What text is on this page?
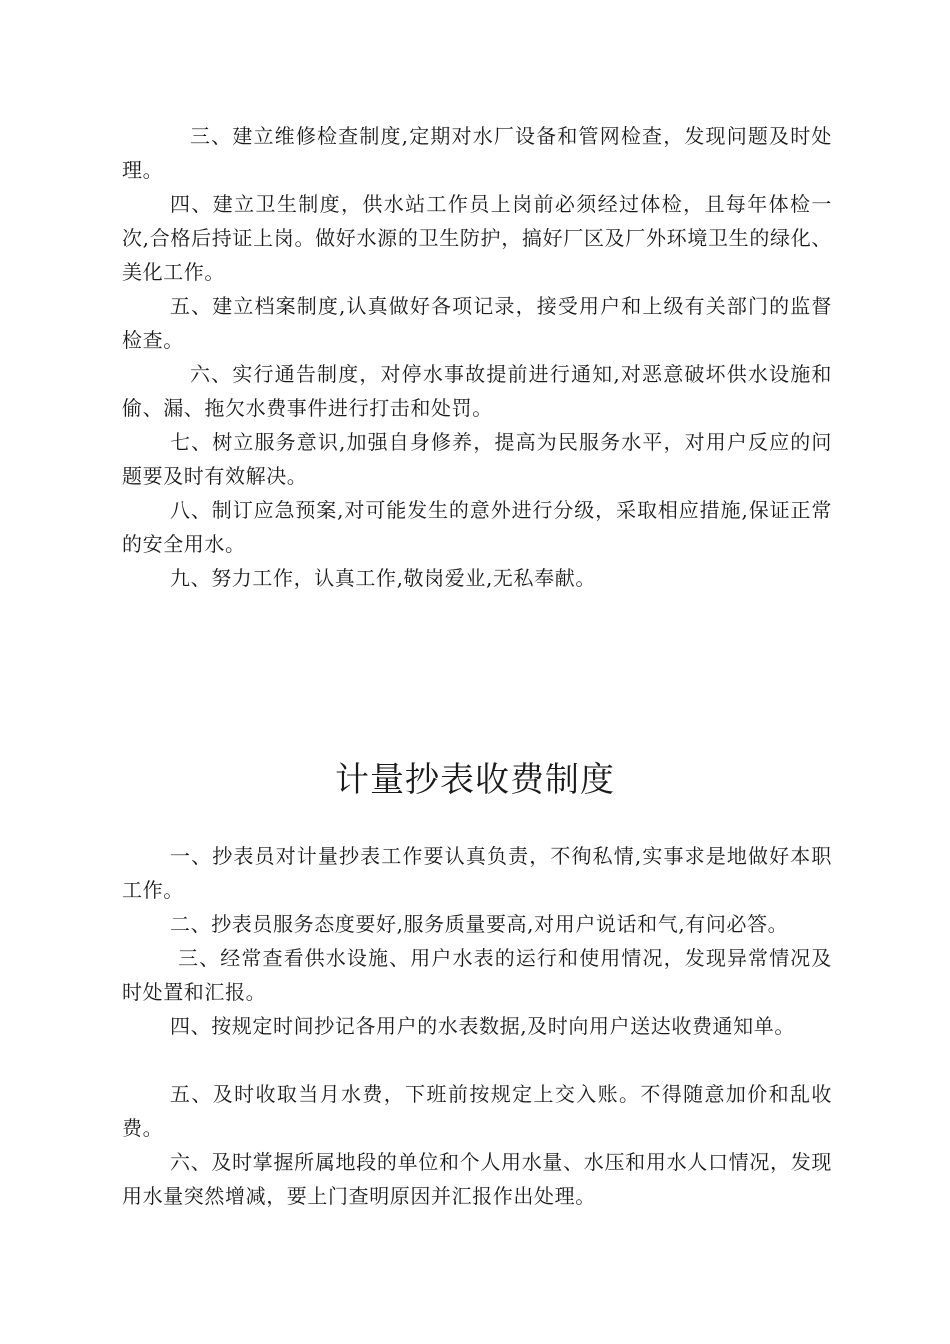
三、建立维修检查制度,定期对水厂设备和管网检查，发现问题及时处理。

四、建立卫生制度，供水站工作员上岗前必须经过体检，且每年体检一次,合格后持证上岗。做好水源的卫生防护，搞好厂区及厂外环境卫生的绿化、美化工作。

五、建立档案制度,认真做好各项记录，接受用户和上级有关部门的监督检查。

六、实行通告制度，对停水事故提前进行通知,对恶意破坏供水设施和偷、漏、拖欠水费事件进行打击和处罚。

七、树立服务意识,加强自身修养，提高为民服务水平，对用户反应的问题要及时有效解决。

八、制订应急预案,对可能发生的意外进行分级，采取相应措施,保证正常的安全用水。

九、努力工作，认真工作,敬岗爱业,无私奉献。

计量抄表收费制度

一、抄表员对计量抄表工作要认真负责，不徇私情,实事求是地做好本职工作。

二、抄表员服务态度要好,服务质量要高,对用户说话和气,有问必答。

三、经常查看供水设施、用户水表的运行和使用情况，发现异常情况及时处置和汇报。

四、按规定时间抄记各用户的水表数据,及时向用户送达收费通知单。

五、及时收取当月水费，下班前按规定上交入账。不得随意加价和乱收费。

六、及时掌握所属地段的单位和个人用水量、水压和用水人口情况，发现用水量突然增减，要上门查明原因并汇报作出处理。
